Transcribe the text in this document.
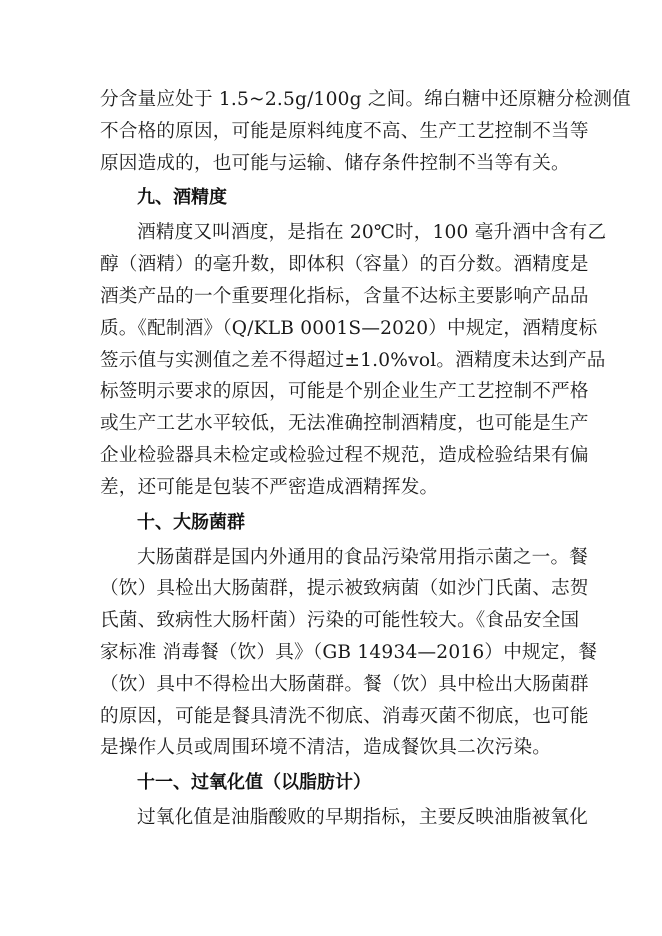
分含量应处于 1.5~2.5g/100g 之间。绵白糖中还原糖分检测值
不合格的原因，可能是原料纯度不高、生产工艺控制不当等
原因造成的，也可能与运输、储存条件控制不当等有关。

九、酒精度

酒精度又叫酒度，是指在 20℃时，100 毫升酒中含有乙
醇（酒精）的毫升数，即体积（容量）的百分数。酒精度是
酒类产品的一个重要理化指标，含量不达标主要影响产品品
质。《配制酒》（Q/KLB 0001S—2020）中规定，酒精度标
签示值与实测值之差不得超过±1.0%vol。酒精度未达到产品
标签明示要求的原因，可能是个别企业生产工艺控制不严格
或生产工艺水平较低，无法准确控制酒精度，也可能是生产
企业检验器具未检定或检验过程不规范，造成检验结果有偏
差，还可能是包装不严密造成酒精挥发。

十、大肠菌群

大肠菌群是国内外通用的食品污染常用指示菌之一。餐
（饮）具检出大肠菌群，提示被致病菌（如沙门氏菌、志贺
氏菌、致病性大肠杆菌）污染的可能性较大。《食品安全国
家标准 消毒餐（饮）具》（GB 14934—2016）中规定，餐
（饮）具中不得检出大肠菌群。餐（饮）具中检出大肠菌群
的原因，可能是餐具清洗不彻底、消毒灭菌不彻底，也可能
是操作人员或周围环境不清洁，造成餐饮具二次污染。

十一、过氧化值（以脂肪计）

过氧化值是油脂酸败的早期指标，主要反映油脂被氧化
